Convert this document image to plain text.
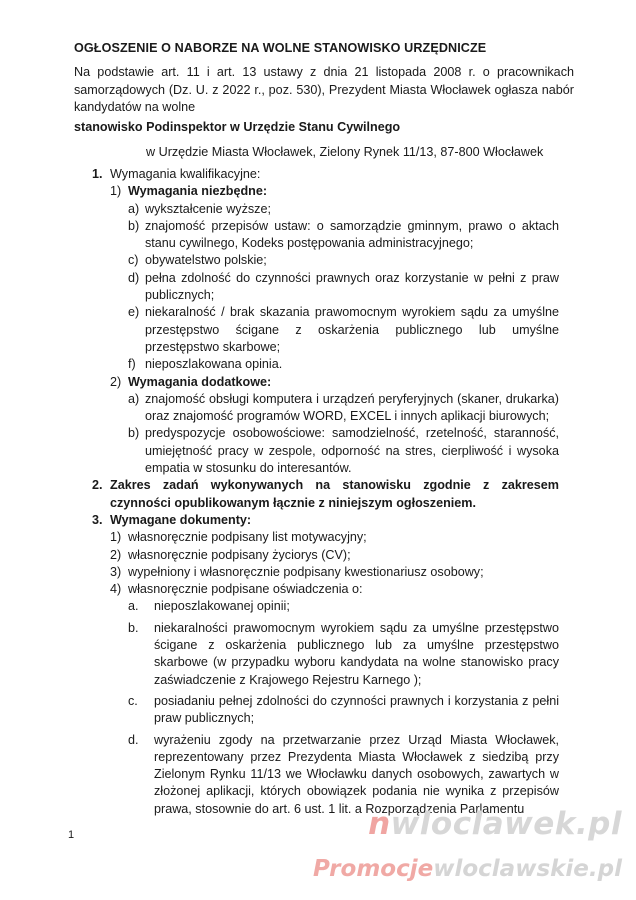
OGŁOSZENIE O NABORZE NA WOLNE STANOWISKO URZĘDNICZE
Na podstawie art. 11 i art. 13 ustawy z dnia 21 listopada 2008 r. o pracownikach samorządowych (Dz. U. z 2022 r., poz. 530), Prezydent Miasta Włocławek ogłasza nabór kandydatów na wolne
stanowisko Podinspektor w Urzędzie Stanu Cywilnego
w Urzędzie Miasta Włocławek, Zielony Rynek 11/13, 87-800 Włocławek
1. Wymagania kwalifikacyjne:
1) Wymagania niezbędne:
a) wykształcenie wyższe;
b) znajomość przepisów ustaw: o samorządzie gminnym, prawo o aktach stanu cywilnego, Kodeks postępowania administracyjnego;
c) obywatelstwo polskie;
d) pełna zdolność do czynności prawnych oraz korzystanie w pełni z praw publicznych;
e) niekaralność / brak skazania prawomocnym wyrokiem sądu za umyślne przestępstwo ścigane z oskarżenia publicznego lub umyślne przestępstwo skarbowe;
f) nieposzlakowana opinia.
2) Wymagania dodatkowe:
a) znajomość obsługi komputera i urządzeń peryferyjnych (skaner, drukarka) oraz znajomość programów WORD, EXCEL i innych aplikacji biurowych;
b) predyspozycje osobowościowe: samodzielność, rzetelność, staranność, umiejętność pracy w zespole, odporność na stres, cierpliwość i wysoka empatia w stosunku do interesantów.
2. Zakres zadań wykonywanych na stanowisku zgodnie z zakresem czynności opublikowanym łącznie z niniejszym ogłoszeniem.
3. Wymagane dokumenty:
1) własnoręcznie podpisany list motywacyjny;
2) własnoręcznie podpisany życiorys (CV);
3) wypełniony i własnoręcznie podpisany kwestionariusz osobowy;
4) własnoręcznie podpisane oświadczenia o:
a.	nieposzlakowanej opinii;
b.	niekaralności prawomocnym wyrokiem sądu za umyślne przestępstwo ścigane z oskarżenia publicznego lub za umyślne przestępstwo skarbowe (w przypadku wyboru kandydata na wolne stanowisko pracy zaświadczenie z Krajowego Rejestru Karnego );
c.	posiadaniu pełnej zdolności do czynności prawnych i korzystania z pełni praw publicznych;
d.	wyrażeniu zgody na przetwarzanie przez Urząd Miasta Włocławek, reprezentowany przez Prezydenta Miasta Włocławek z siedzibą przy Zielonym Rynku 11/13 we Włocławku danych osobowych, zawartych w złożonej aplikacji, których obowiązek podania nie wynika z przepisów prawa, stosownie do art. 6 ust. 1 lit. a Rozporządzenia Parlamentu
1	nwloclawek.pl
Promocjewloclawskie.pl
